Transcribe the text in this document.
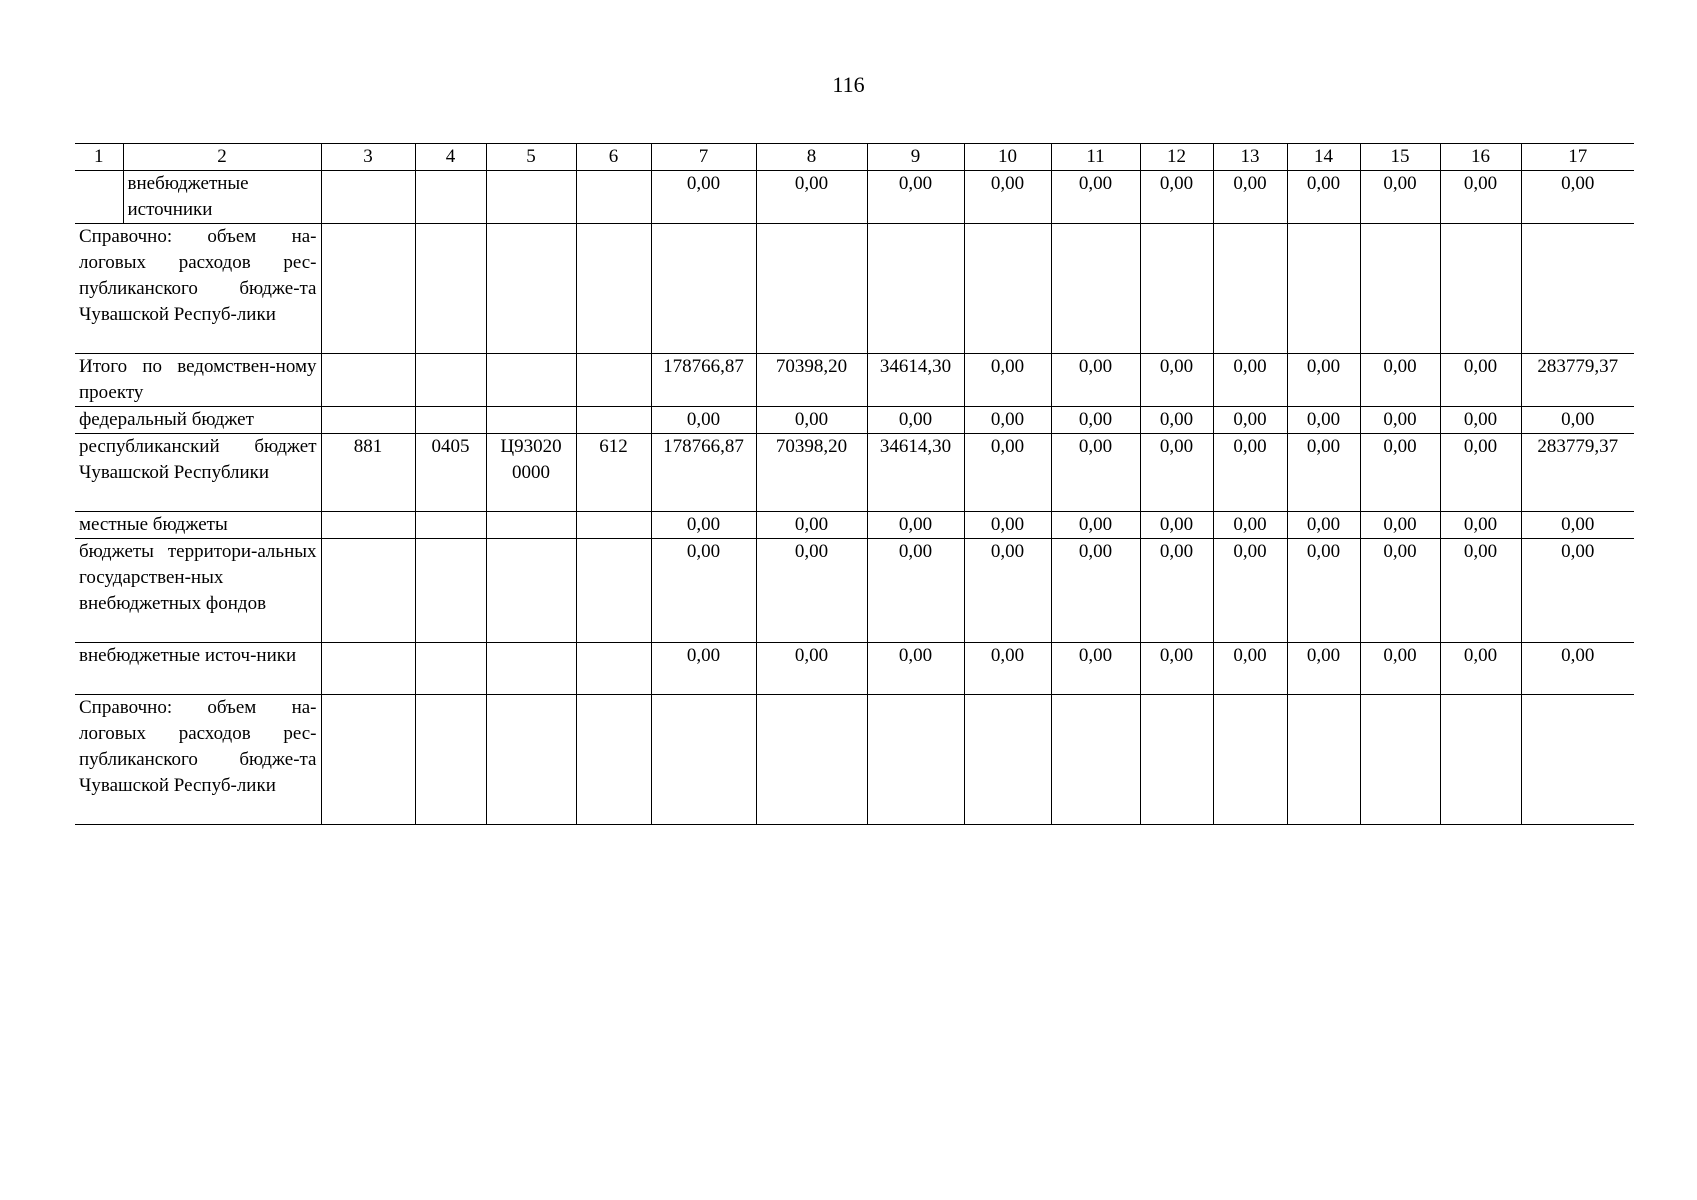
116
1	2	3	4	5	6	7	8	9	10	11	12	13	14	15	16	17
	внебюджетные источники					0,00	0,00	0,00	0,00	0,00	0,00	0,00	0,00	0,00	0,00	0,00
Справочно: объем на-логовых расходов рес-публиканского бюдже-та Чувашской Респуб-лики																
Итого по ведомствен-ному проекту						178766,87	70398,20	34614,30	0,00	0,00	0,00	0,00	0,00	0,00	0,00	283779,37
федеральный бюджет						0,00	0,00	0,00	0,00	0,00	0,00	0,00	0,00	0,00	0,00	0,00
республиканский бюджет Чувашской Республики		881	0405	Ц93020 0000	612	178766,87	70398,20	34614,30	0,00	0,00	0,00	0,00	0,00	0,00	0,00	283779,37
местные бюджеты						0,00	0,00	0,00	0,00	0,00	0,00	0,00	0,00	0,00	0,00	0,00
бюджеты территори-альных государствен-ных внебюджетных фондов						0,00	0,00	0,00	0,00	0,00	0,00	0,00	0,00	0,00	0,00	0,00
внебюджетные источ-ники						0,00	0,00	0,00	0,00	0,00	0,00	0,00	0,00	0,00	0,00	0,00
Справочно: объем на-логовых расходов рес-публиканского бюдже-та Чувашской Респуб-лики																
